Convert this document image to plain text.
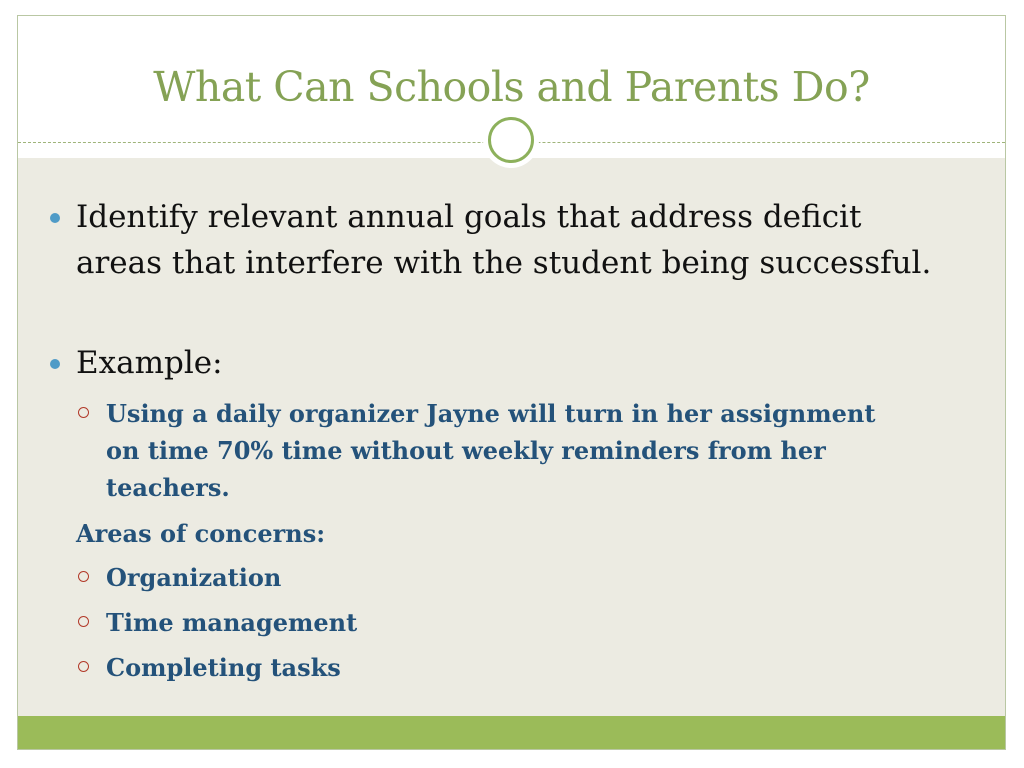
What Can Schools and Parents Do?
Identify relevant annual goals that address deficit areas that interfere with the student being successful.
Example:
Using a daily organizer Jayne will turn in her assignment on time 70% time without weekly reminders from her teachers.
Areas of concerns:
Organization
Time management
Completing tasks
